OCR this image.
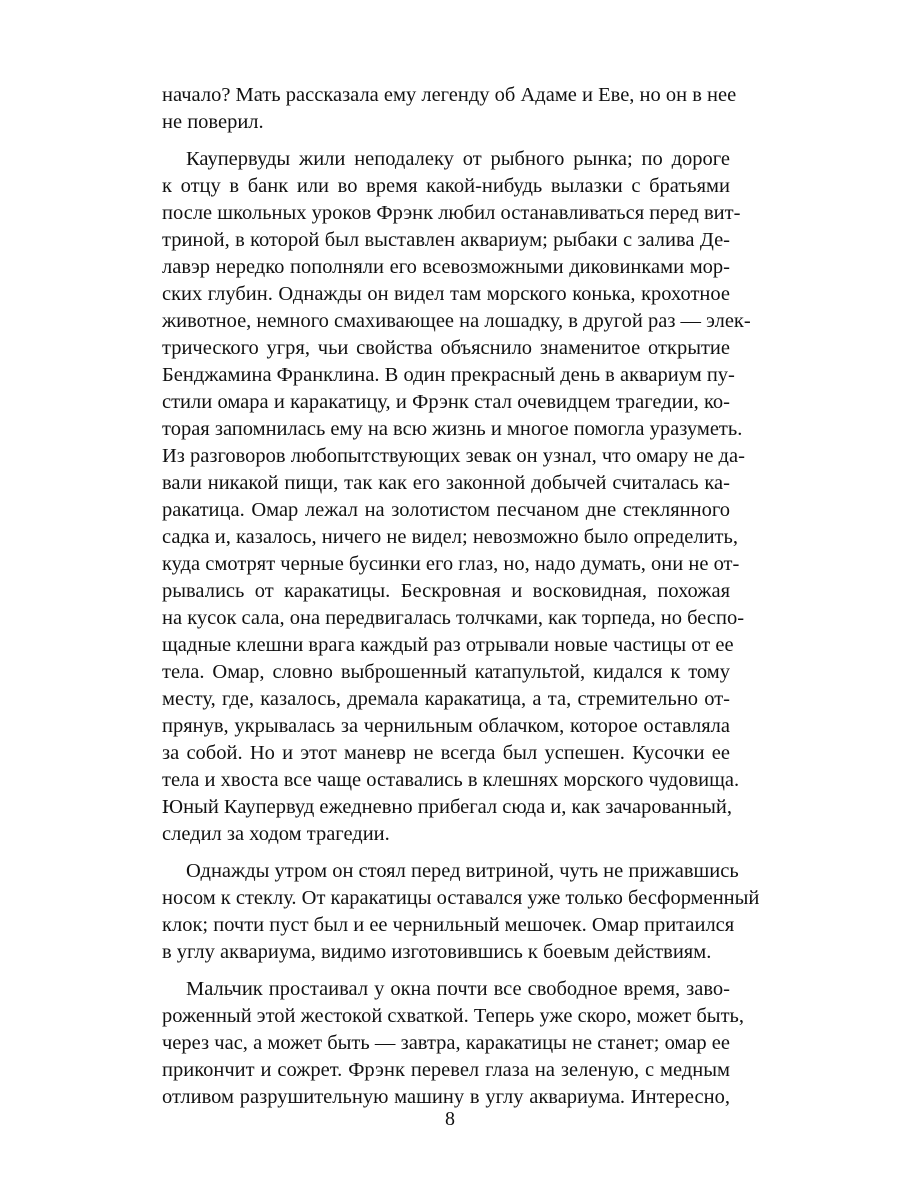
начало? Мать рассказала ему легенду об Адаме и Еве, но он в нее
не поверил.

Каупервуды жили неподалеку от рыбного рынка; по дороге
к отцу в банк или во время какой-нибудь вылазки с братьями
после школьных уроков Фрэнк любил останавливаться перед вит-
триной, в которой был выставлен аквариум; рыбаки с залива Де-
лавэр нередко пополняли его всевозможными диковинками мор-
ских глубин. Однажды он видел там морского конька, крохотное
животное, немного смахивающее на лошадку, в другой раз — элек-
трического угря, чьи свойства объяснило знаменитое открытие
Бенджамина Франклина. В один прекрасный день в аквариум пу-
стили омара и каракатицу, и Фрэнк стал очевидцем трагедии, ко-
торая запомнилась ему на всю жизнь и многое помогла уразуметь.
Из разговоров любопытствующих зевак он узнал, что омару не да-
вали никакой пищи, так как его законной добычей считалась ка-
ракатица. Омар лежал на золотистом песчаном дне стеклянного
садка и, казалось, ничего не видел; невозможно было определить,
куда смотрят черные бусинки его глаз, но, надо думать, они не от-
рывались от каракатицы. Бескровная и восковидная, похожая
на кусок сала, она передвигалась толчками, как торпеда, но беспо-
щадные клешни врага каждый раз отрывали новые частицы от ее
тела. Омар, словно выброшенный катапультой, кидался к тому
месту, где, казалось, дремала каракатица, а та, стремительно от-
прянув, укрывалась за чернильным облачком, которое оставляла
за собой. Но и этот маневр не всегда был успешен. Кусочки ее
тела и хвоста все чаще оставались в клешнях морского чудовища.
Юный Каупервуд ежедневно прибегал сюда и, как зачарованный,
следил за ходом трагедии.

Однажды утром он стоял перед витриной, чуть не прижавшись
носом к стеклу. От каракатицы оставался уже только бесформенный
клок; почти пуст был и ее чернильный мешочек. Омар притаился
в углу аквариума, видимо изготовившись к боевым действиям.

Мальчик простаивал у окна почти все свободное время, заво-
роженный этой жестокой схваткой. Теперь уже скоро, может быть,
через час, а может быть — завтра, каракатицы не станет; омар ее
прикончит и сожрет. Фрэнк перевел глаза на зеленую, с медным
отливом разрушительную машину в углу аквариума. Интересно,

8
